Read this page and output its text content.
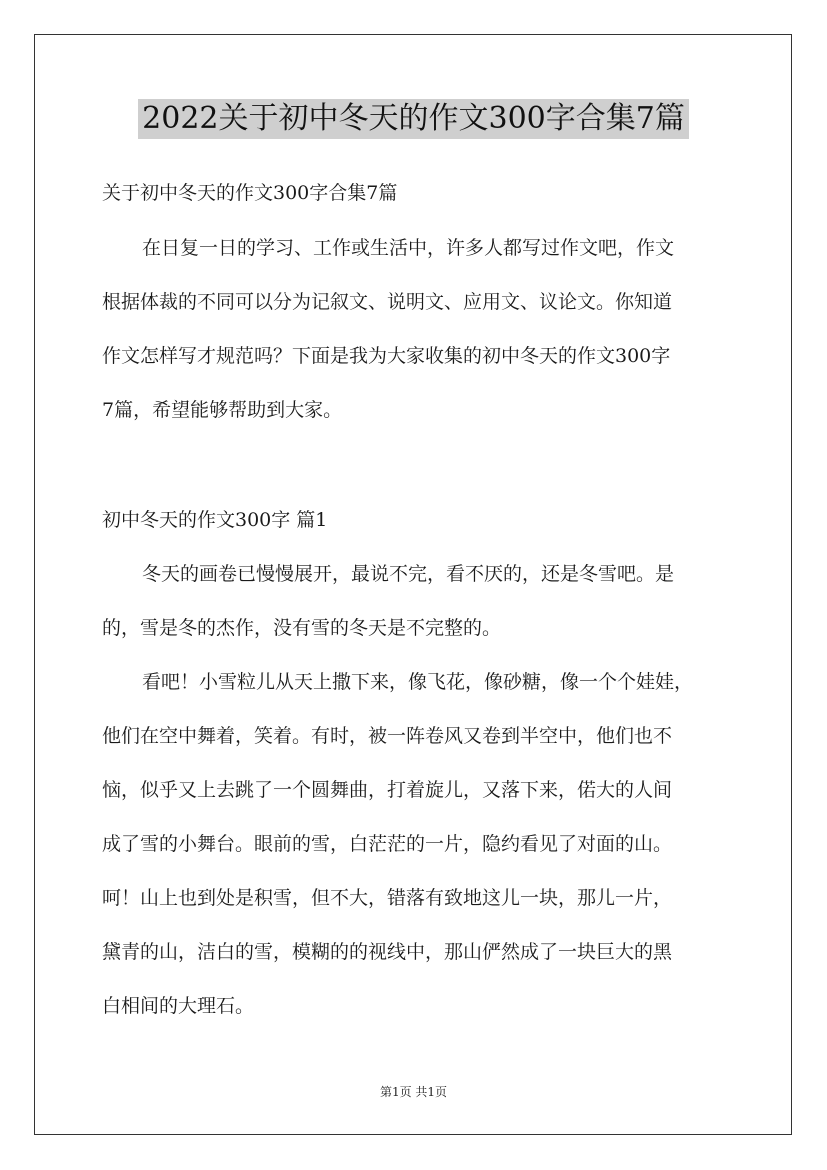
2022关于初中冬天的作文300字合集7篇
关于初中冬天的作文300字合集7篇
在日复一日的学习、工作或生活中，许多人都写过作文吧，作文
根据体裁的不同可以分为记叙文、说明文、应用文、议论文。你知道
作文怎样写才规范吗？下面是我为大家收集的初中冬天的作文300字
7篇，希望能够帮助到大家。
初中冬天的作文300字 篇1
冬天的画卷已慢慢展开，最说不完，看不厌的，还是冬雪吧。是
的，雪是冬的杰作，没有雪的冬天是不完整的。
看吧！小雪粒儿从天上撒下来，像飞花，像砂糖，像一个个娃娃，
他们在空中舞着，笑着。有时，被一阵卷风又卷到半空中，他们也不
恼，似乎又上去跳了一个圆舞曲，打着旋儿，又落下来，偌大的人间
成了雪的小舞台。眼前的雪，白茫茫的一片，隐约看见了对面的山。
呵！山上也到处是积雪，但不大，错落有致地这儿一块，那儿一片，
黛青的山，洁白的雪，模糊的的视线中，那山俨然成了一块巨大的黑
白相间的大理石。
第1页 共1页
